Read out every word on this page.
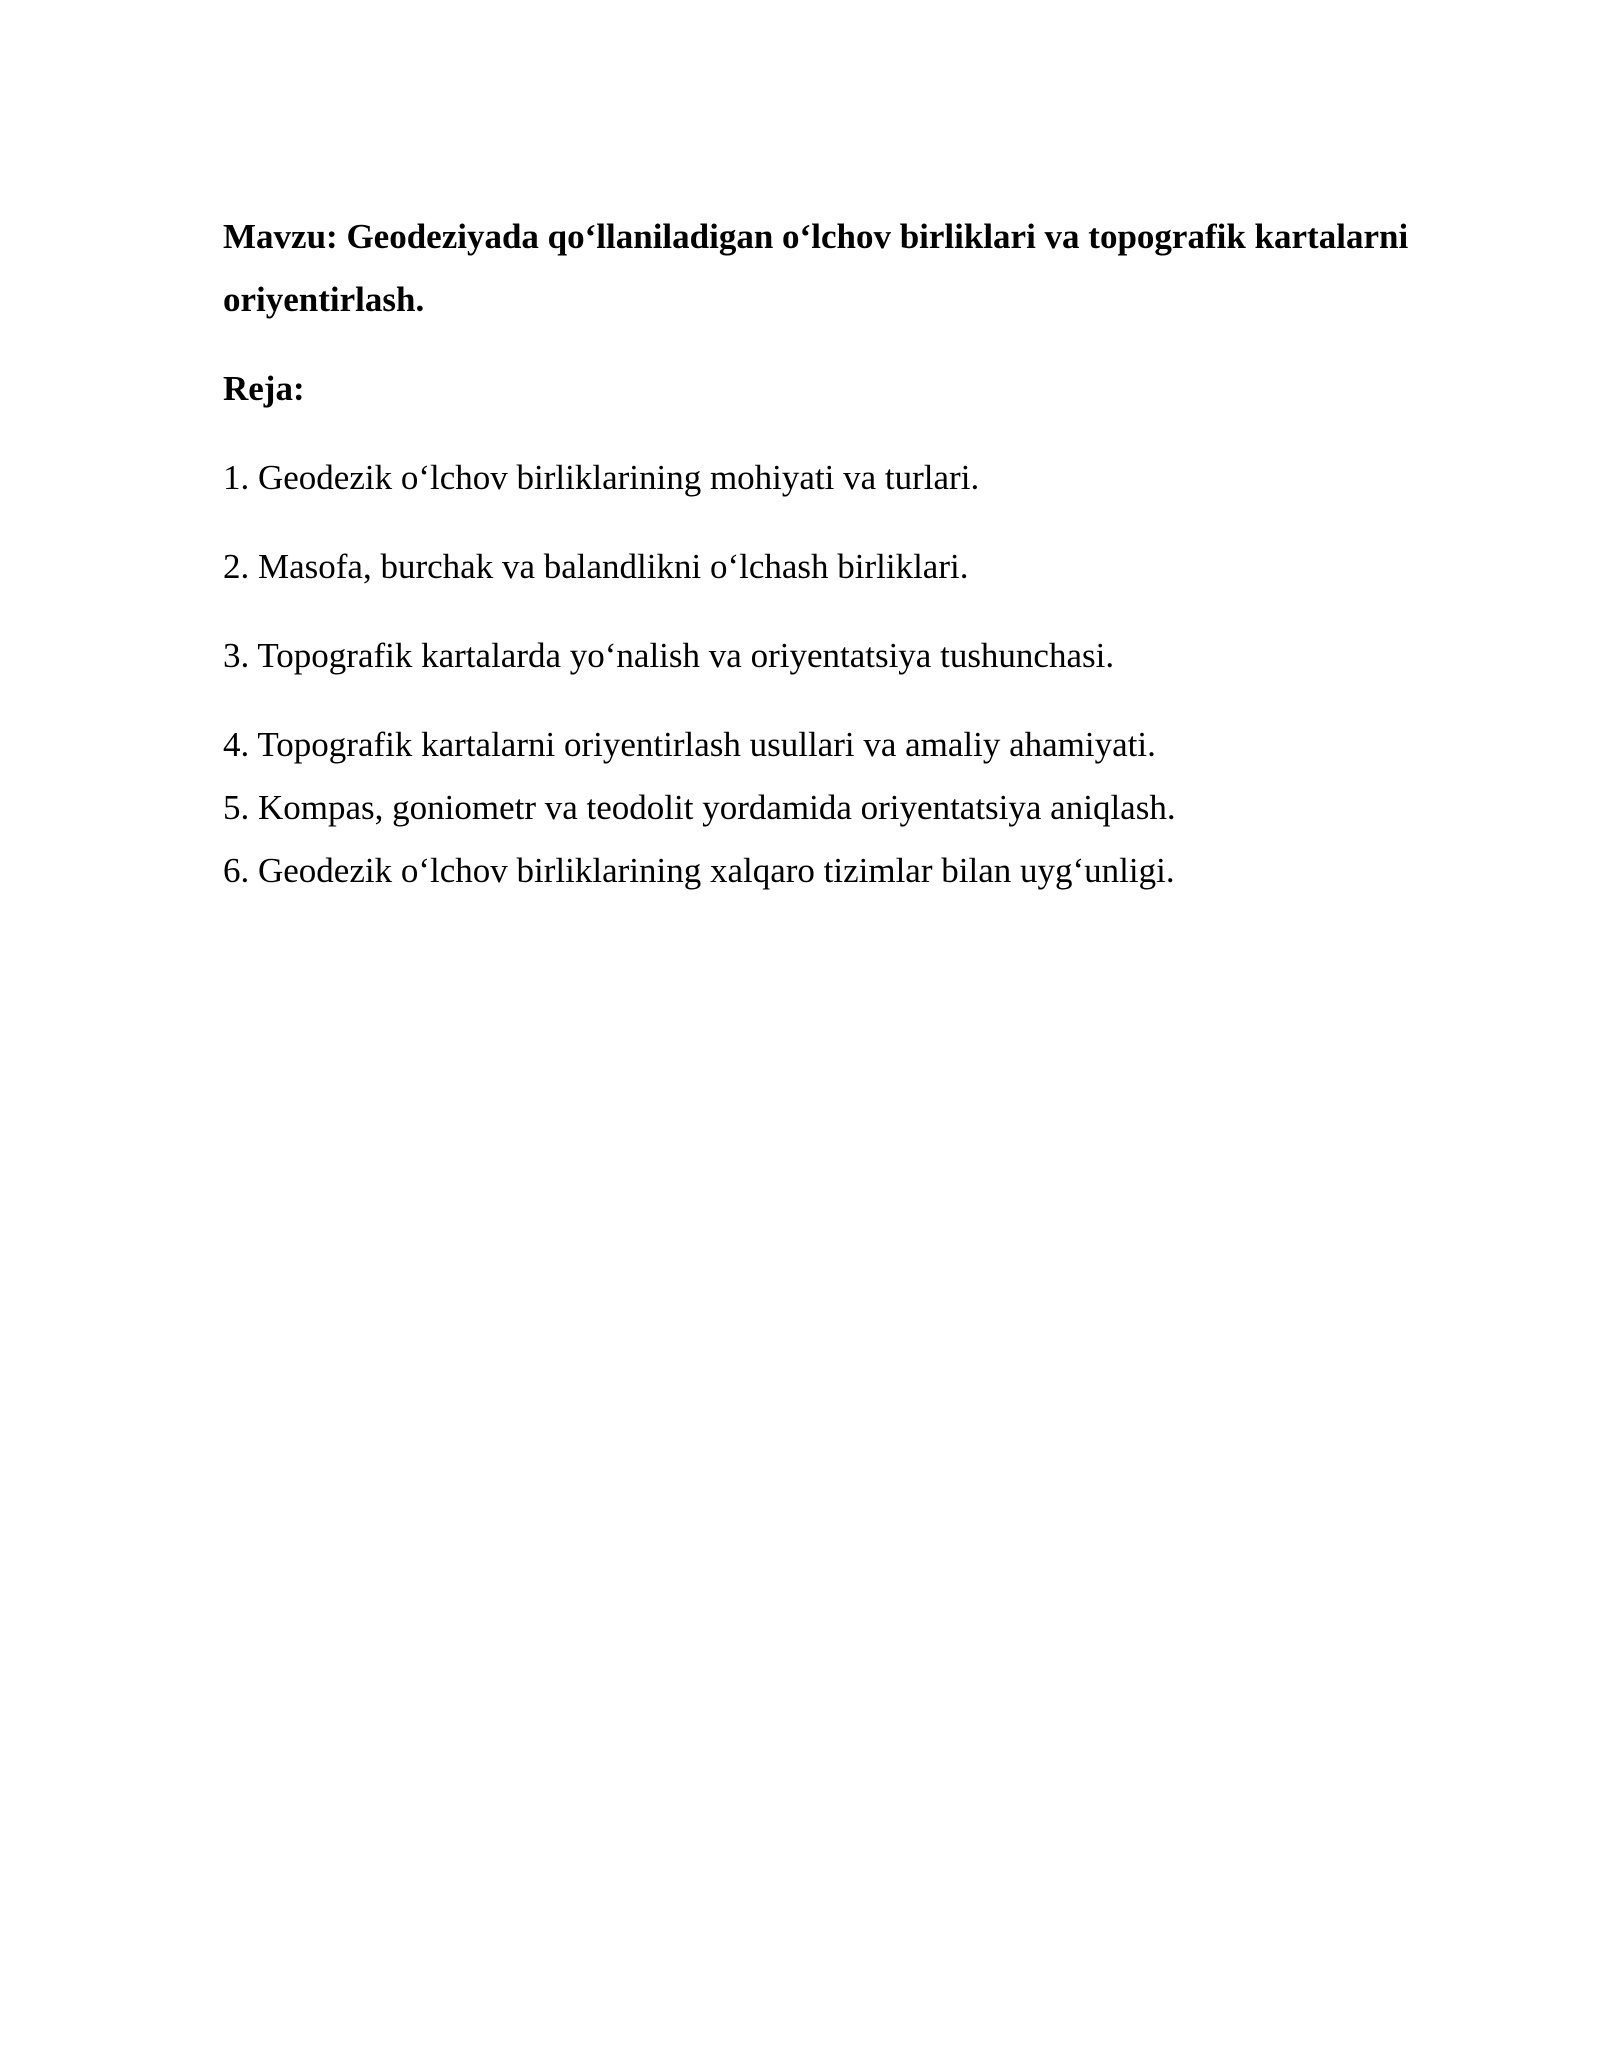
Mavzu: Geodeziyada qo‘llaniladigan o‘lchov birliklari va topografik kartalarni oriyentirlash.

Reja:

1. Geodezik o‘lchov birliklarining mohiyati va turlari.
2. Masofa, burchak va balandlikni o‘lchash birliklari.
3. Topografik kartalarda yo‘nalish va oriyentatsiya tushunchasi.
4. Topografik kartalarni oriyentirlash usullari va amaliy ahamiyati.
5. Kompas, goniometr va teodolit yordamida oriyentatsiya aniqlash.
6. Geodezik o‘lchov birliklarining xalqaro tizimlar bilan uyg‘unligi.
